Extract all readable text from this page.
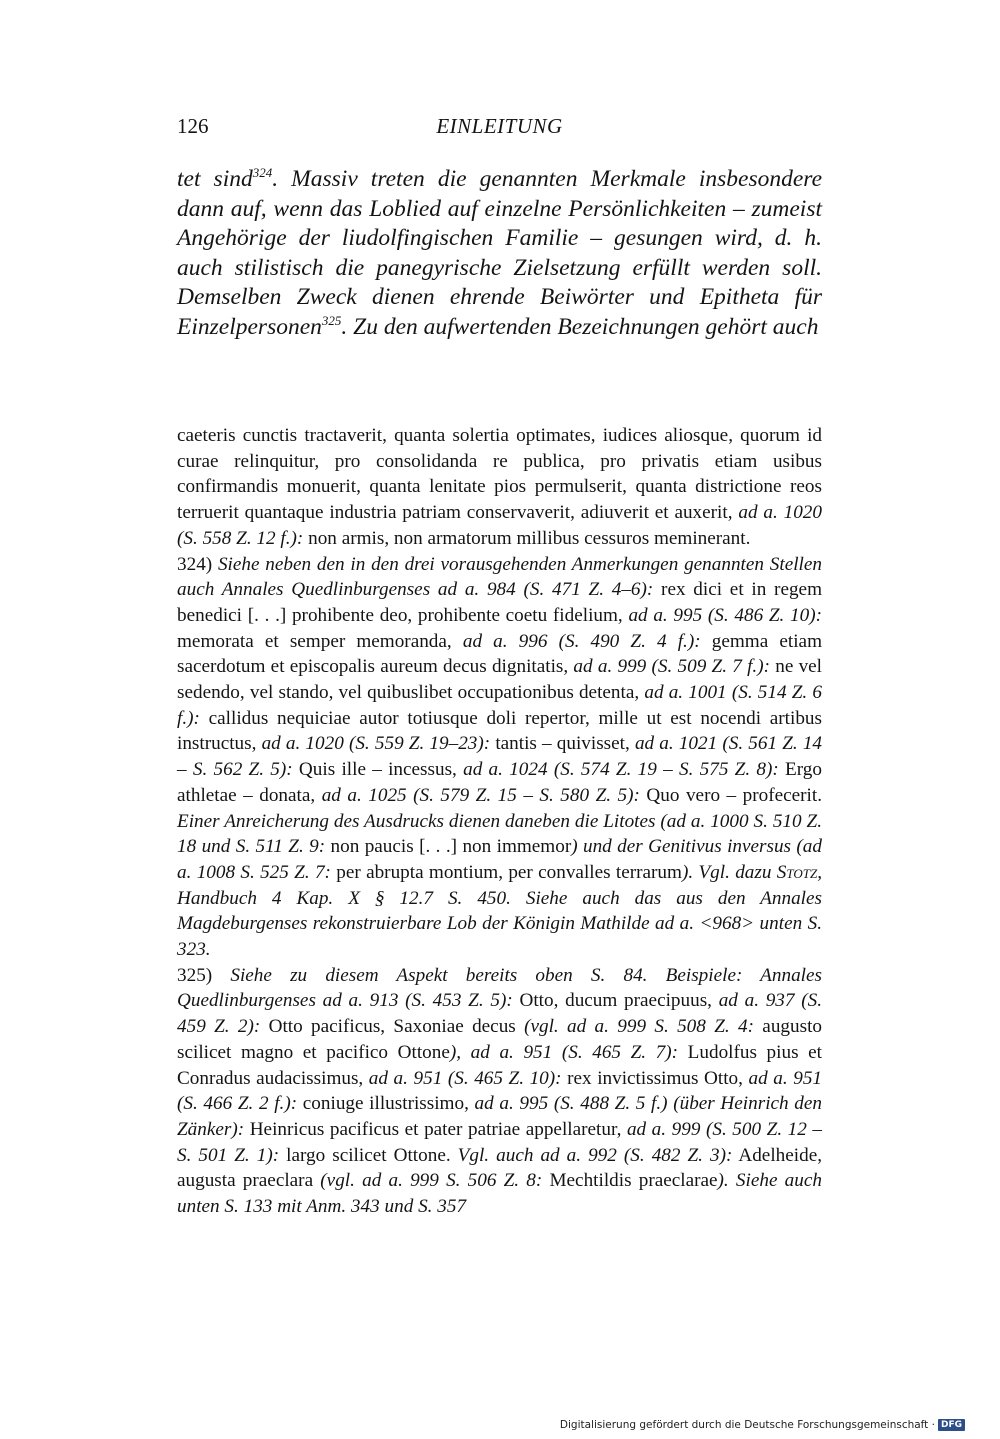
126	EINLEITUNG

tet sind$^{324}$. Massiv treten die genannten Merkmale insbesondere dann auf, wenn das Loblied auf einzelne Persönlichkeiten – zumeist Angehörige der liudolfingischen Familie – gesungen wird, d. h. auch stilistisch die panegyrische Zielsetzung erfüllt werden soll. Demselben Zweck dienen ehrende Beiwörter und Epitheta für Einzelpersonen$^{325}$. Zu den aufwertenden Bezeichnungen gehört auch

caeteris cunctis tractaverit, quanta solertia optimates, iudices aliosque, quorum id curae relinquitur, pro consolidanda re publica, pro privatis etiam usibus confirmandis monuerit, quanta lenitate pios permulserit, quanta districtione reos terruerit quantaque industria patriam conservaverit, adiuverit et auxerit, ad a. 1020 (S. 558 Z. 12 f.): non armis, non armatorum millibus cessuros meminerant.

324) Siehe neben den in den drei vorausgehenden Anmerkungen genannten Stellen auch Annales Quedlinburgenses ad a. 984 (S. 471 Z. 4–6): rex dici et in regem benedici [. . .] prohibente deo, prohibente coetu fidelium, ad a. 995 (S. 486 Z. 10): memorata et semper memoranda, ad a. 996 (S. 490 Z. 4 f.): gemma etiam sacerdotum et episcopalis aureum decus dignitatis, ad a. 999 (S. 509 Z. 7 f.): ne vel sedendo, vel stando, vel quibuslibet occupationibus detenta, ad a. 1001 (S. 514 Z. 6 f.): callidus nequiciae autor totiusque doli repertor, mille ut est nocendi artibus instructus, ad a. 1020 (S. 559 Z. 19–23): tantis – quivisset, ad a. 1021 (S. 561 Z. 14 – S. 562 Z. 5): Quis ille – incessus, ad a. 1024 (S. 574 Z. 19 – S. 575 Z. 8): Ergo athletae – donata, ad a. 1025 (S. 579 Z. 15 – S. 580 Z. 5): Quo vero – profecerit. Einer Anreicherung des Ausdrucks dienen daneben die Litotes (ad a. 1000 S. 510 Z. 18 und S. 511 Z. 9: non paucis [. . .] non immemor) und der Genitivus inversus (ad a. 1008 S. 525 Z. 7: per abrupta montium, per convalles terrarum). Vgl. dazu Stotz, Handbuch 4 Kap. X § 12.7 S. 450. Siehe auch das aus den Annales Magdeburgenses rekonstruierbare Lob der Königin Mathilde ad a. <968> unten S. 323.

325) Siehe zu diesem Aspekt bereits oben S. 84. Beispiele: Annales Quedlinburgenses ad a. 913 (S. 453 Z. 5): Otto, ducum praecipuus, ad a. 937 (S. 459 Z. 2): Otto pacificus, Saxoniae decus (vgl. ad a. 999 S. 508 Z. 4: augusto scilicet magno et pacifico Ottone), ad a. 951 (S. 465 Z. 7): Ludolfus pius et Conradus audacissimus, ad a. 951 (S. 465 Z. 10): rex invictissimus Otto, ad a. 951 (S. 466 Z. 2 f.): coniuge illustrissimo, ad a. 995 (S. 488 Z. 5 f.) (über Heinrich den Zänker): Heinricus pacificus et pater patriae appellaretur, ad a. 999 (S. 500 Z. 12 – S. 501 Z. 1): largo scilicet Ottone. Vgl. auch ad a. 992 (S. 482 Z. 3): Adelheide, augusta praeclara (vgl. ad a. 999 S. 506 Z. 8: Mechtildis praeclarae). Siehe auch unten S. 133 mit Anm. 343 und S. 357

Digitalisierung gefördert durch die Deutsche Forschungsgemeinschaft · DFG
